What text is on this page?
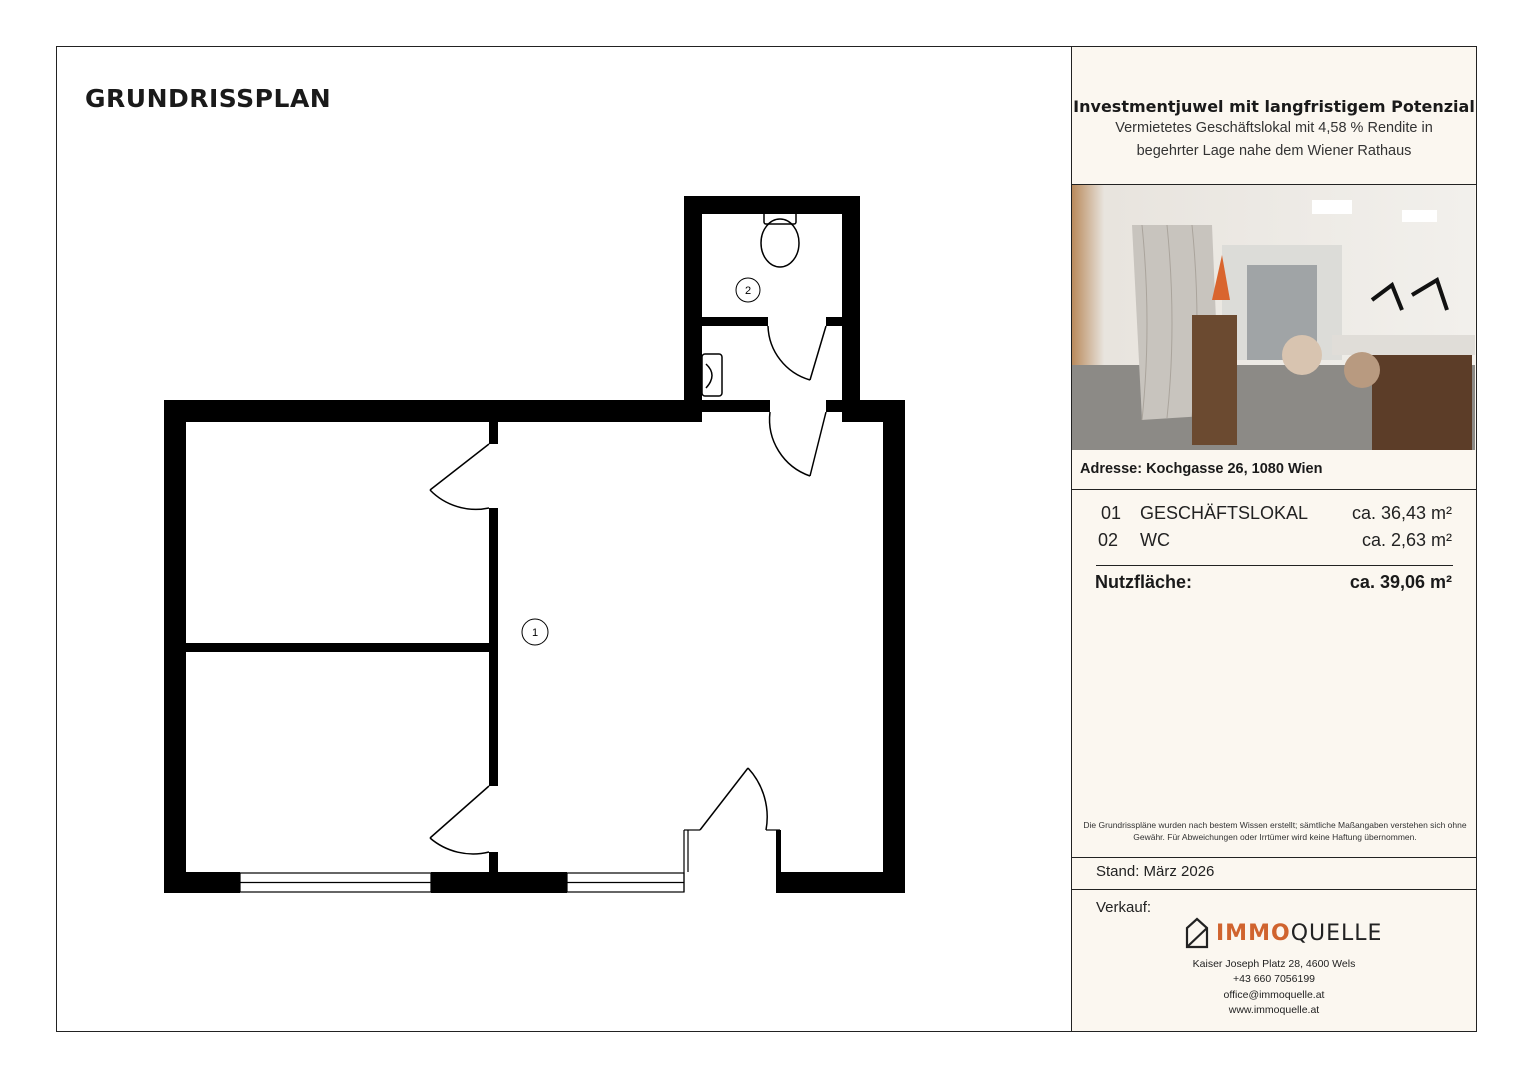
GRUNDRISSPLAN
2
1
Investmentjuwel mit langfristigem Potenzial
Vermietetes Geschäftslokal mit 4,58 % Rendite in
begehrter Lage nahe dem Wiener Rathaus
Adresse: Kochgasse 26, 1080 Wien
01 GESCHÄFTSLOKAL ca. 36,43 m²
02 WC	ca. 2,63 m²
Nutzfläche:	ca. 39,06 m²
Die Grundrisspläne wurden nach bestem Wissen erstellt; sämtliche Maßangaben verstehen sich ohne Gewähr. Für Abweichungen oder Irrtümer wird keine Haftung übernommen.
Stand: März 2026
Verkauf:
IMMOQUELLE
Kaiser Joseph Platz 28, 4600 Wels
+43 660 7056199
office@immoquelle.at
www.immoquelle.at
